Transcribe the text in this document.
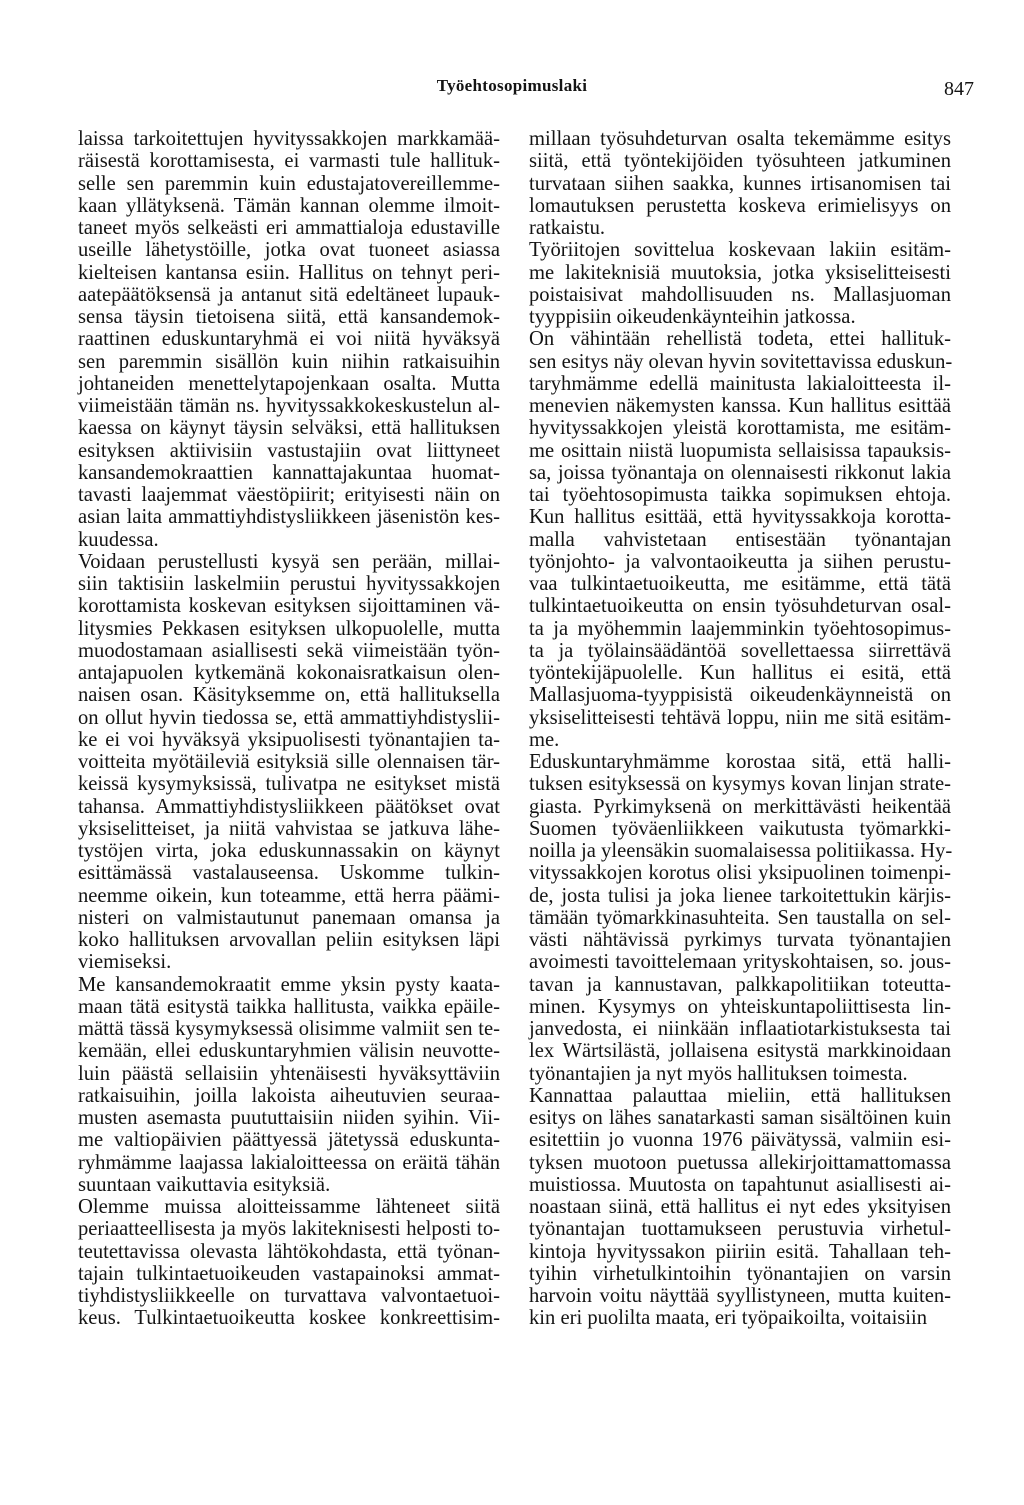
Työehtosopimuslaki	847
laissa tarkoitettujen hyvityssakkojen markkamää-
räisestä korottamisesta, ei varmasti tule hallituk-
selle sen paremmin kuin edustajatovereillemme-
kaan yllätyksenä. Tämän kannan olemme ilmoit-
taneet myös selkeästi eri ammattialoja edustaville
useille lähetystöille, jotka ovat tuoneet asiassa
kielteisen kantansa esiin. Hallitus on tehnyt peri-
aatepäätöksensä ja antanut sitä edeltäneet lupauk-
sensa täysin tietoisena siitä, että kansandemok-
raattinen eduskuntaryhmä ei voi niitä hyväksyä
sen paremmin sisällön kuin niihin ratkaisuihin
johtaneiden menettelytapojenkaan osalta. Mutta
viimeistään tämän ns. hyvityssakkokeskustelun al-
kaessa on käynyt täysin selväksi, että hallituksen
esityksen aktiivisiin vastustajiin ovat liittyneet
kansandemokraattien kannattajakuntaa huomat-
tavasti laajemmat väestöpiirit; erityisesti näin on
asian laita ammattiyhdistysliikkeen jäsenistön kes-
kuudessa.
Voidaan perustellusti kysyä sen perään, millai-
siin taktisiin laskelmiin perustui hyvityssakkojen
korottamista koskevan esityksen sijoittaminen vä-
litysmies Pekkasen esityksen ulkopuolelle, mutta
muodostamaan asiallisesti sekä viimeistään työn-
antajapuolen kytkemänä kokonaisratkaisun olen-
naisen osan. Käsityksemme on, että hallituksella
on ollut hyvin tiedossa se, että ammattiyhdistyslii-
ke ei voi hyväksyä yksipuolisesti työnantajien ta-
voitteita myötäileviä esityksiä sille olennaisen tär-
keissä kysymyksissä, tulivatpa ne esitykset mistä
tahansa. Ammattiyhdistysliikkeen päätökset ovat
yksiselitteiset, ja niitä vahvistaa se jatkuva lähe-
tystöjen virta, joka eduskunnassakin on käynyt
esittämässä vastalauseensa. Uskomme tulkin-
neemme oikein, kun toteamme, että herra päämi-
nisteri on valmistautunut panemaan omansa ja
koko hallituksen arvovallan peliin esityksen läpi
viemiseksi.
Me kansandemokraatit emme yksin pysty kaata-
maan tätä esitystä taikka hallitusta, vaikka epäile-
mättä tässä kysymyksessä olisimme valmiit sen te-
kemään, ellei eduskuntaryhmien välisin neuvotte-
luin päästä sellaisiin yhtenäisesti hyväksyttäviin
ratkaisuihin, joilla lakoista aiheutuvien seuraa-
musten asemasta puututtaisiin niiden syihin. Vii-
me valtiopäivien päättyessä jätetyssä eduskunta-
ryhmämme laajassa lakialoitteessa on eräitä tähän
suuntaan vaikuttavia esityksiä.
Olemme muissa aloitteissamme lähteneet siitä
periaatteellisesta ja myös lakiteknisesti helposti to-
teutettavissa olevasta lähtökohdasta, että työnan-
tajain tulkintaetuoikeuden vastapainoksi ammat-
tiyhdistysliikkeelle on turvattava valvontaetuoi-
keus. Tulkintaetuoikeutta koskee konkreettisim-
millaan työsuhdeturvan osalta tekemämme esitys
siitä, että työntekijöiden työsuhteen jatkuminen
turvataan siihen saakka, kunnes irtisanomisen tai
lomautuksen perustetta koskeva erimielisyys on
ratkaistu.
Työriitojen sovittelua koskevaan lakiin esitäm-
me lakiteknisiä muutoksia, jotka yksiselitteisesti
poistaisivat mahdollisuuden ns. Mallasjuoman
tyyppisiin oikeudenkäynteihin jatkossa.
On vähintään rehellistä todeta, ettei hallituk-
sen esitys näy olevan hyvin sovitettavissa eduskun-
taryhmämme edellä mainitusta lakialoitteesta il-
menevien näkemysten kanssa. Kun hallitus esittää
hyvityssakkojen yleistä korottamista, me esitäm-
me osittain niistä luopumista sellaisissa tapauksis-
sa, joissa työnantaja on olennaisesti rikkonut lakia
tai työehtosopimusta taikka sopimuksen ehtoja.
Kun hallitus esittää, että hyvityssakkoja korotta-
malla vahvistetaan entisestään työnantajan
työnjohto- ja valvontaoikeutta ja siihen perustu-
vaa tulkintaetuoikeutta, me esitämme, että tätä
tulkintaetuoikeutta on ensin työsuhdeturvan osal-
ta ja myöhemmin laajemminkin työehtosopimus-
ta ja työlainsäädäntöä sovellettaessa siirrettävä
työntekijäpuolelle. Kun hallitus ei esitä, että
Mallasjuoma-tyyppisistä oikeudenkäynneistä on
yksiselitteisesti tehtävä loppu, niin me sitä esitäm-
me.
Eduskuntaryhmämme korostaa sitä, että halli-
tuksen esityksessä on kysymys kovan linjan strate-
giasta. Pyrkimyksenä on merkittävästi heikentää
Suomen työväenliikkeen vaikutusta työmarkki-
noilla ja yleensäkin suomalaisessa politiikassa. Hy-
vityssakkojen korotus olisi yksipuolinen toimenpi-
de, josta tulisi ja joka lienee tarkoitettukin kärjis-
tämään työmarkkinasuhteita. Sen taustalla on sel-
västi nähtävissä pyrkimys turvata työnantajien
avoimesti tavoittelemaan yrityskohtaisen, so. jous-
tavan ja kannustavan, palkkapolitiikan toteutta-
minen. Kysymys on yhteiskuntapoliittisesta lin-
janvedosta, ei niinkään inflaatiotarkistuksesta tai
lex Wärtsilästä, jollaisena esitystä markkinoidaan
työnantajien ja nyt myös hallituksen toimesta.
Kannattaa palauttaa mieliin, että hallituksen
esitys on lähes sanatarkasti saman sisältöinen kuin
esitettiin jo vuonna 1976 päivätyssä, valmiin esi-
tyksen muotoon puetussa allekirjoittamattomassa
muistiossa. Muutosta on tapahtunut asiallisesti ai-
noastaan siinä, että hallitus ei nyt edes yksityisen
työnantajan tuottamukseen perustuvia virhetul-
kintoja hyvityssakon piiriin esitä. Tahallaan teh-
tyihin virhetulkintoihin työnantajien on varsin
harvoin voitu näyttää syyllistyneen, mutta kuiten-
kin eri puolilta maata, eri työpaikoilta, voitaisiin
